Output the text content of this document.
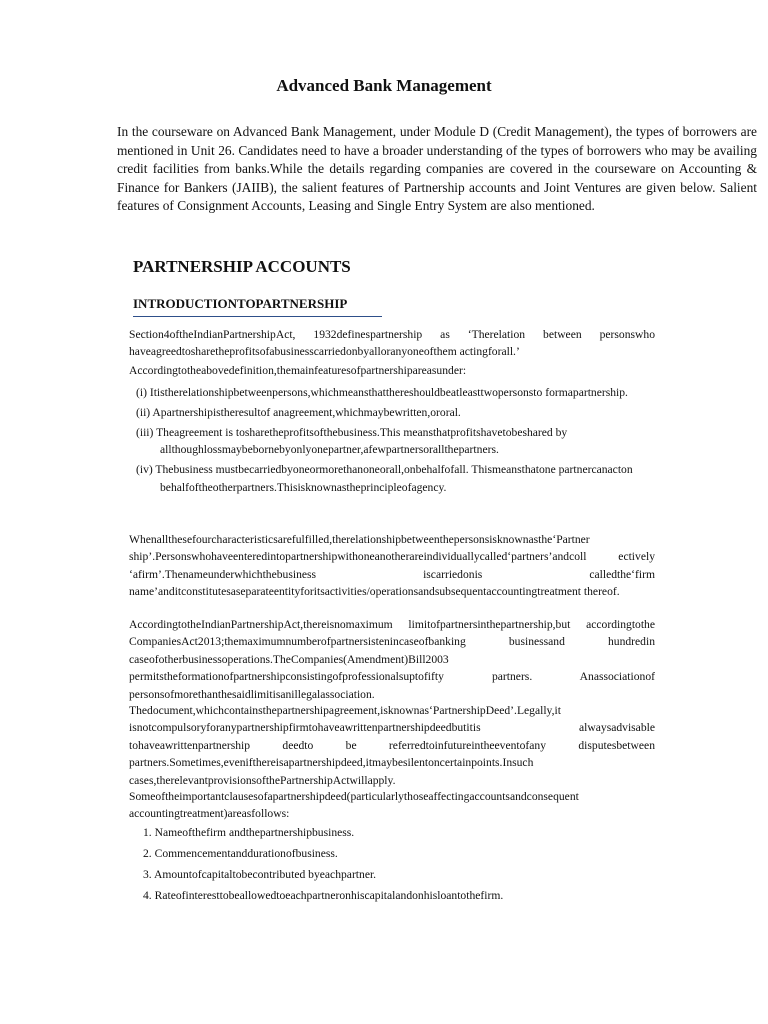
Advanced Bank Management

In the courseware on Advanced Bank Management, under Module D (Credit Management), the types of borrowers are mentioned in Unit 26. Candidates need to have a broader understanding of the types of borrowers who may be availing credit facilities from banks.While the details regarding companies are covered in the courseware on Accounting & Finance for Bankers (JAIIB), the salient features of Partnership accounts and Joint Ventures are given below. Salient features of Consignment Accounts, Leasing and Single Entry System are also mentioned.

PARTNERSHIP ACCOUNTS
INTRODUCTIONTOPARTNERSHIP

Section4oftheIndianPartnershipAct, 1932definespartnership as ‘Therelation between personswho haveagreedtosharetheprofitsofabusinesscarriedonbyalloranyoneofthem actingforall.’

Accordingtotheabovedefinition,themainfeaturesofpartnershipareasunder:

(i) Itistherelationshipbetweenpersons,whichmeansthatthereshouldbeatleasttwopersonsto formapartnership.
(ii) Apartnershipistheresultof anagreement,whichmaybewritten,ororal.
(iii) Theagreement is tosharetheprofitsofthebusiness.This meansthatprofitshavetobeshared by allthoughlossmaybebornebyonlyonepartner,afewpartnersorallthepartners.
(iv) Thebusiness mustbecarriedbyoneormorethanoneorall,onbehalfofall. Thismeansthatone partnercanacton behalfoftheotherpartners.Thisisknownastheprincipleofagency.

Whenallthesefourcharacteristicsarefulfilled,therelationshipbetweenthepersonsisknownasthe‘Partner ship’.Personswhohaveenteredintopartnershipwithoneanotherareindividuallycalled‘partners’andcoll ectively ‘afirm’.Thenameunderwhichthebusiness iscarriedonis calledthe‘firm name’anditconstitutesaseparateentityforitsactivities/operationsandsubsequentaccountingtreatment thereof.

AccordingtotheIndianPartnershipAct,thereisnomaximum limitofpartnersinthepartnership,but accordingtothe CompaniesAct2013;themaximumnumberofpartnersistenincaseofbanking businessand hundredin caseofotherbusinessoperations.TheCompanies(Amendment)Bill2003 permitstheformationofpartnershipconsistingofprofessionalsuptofifty partners. Anassociationof personsofmorethanthesaidlimitisanillegalassociation.

Thedocument,whichcontainsthepartnershipagreement,isknownas‘PartnershipDeed’.Legally,it isnotcompulsoryforanypartnershipfirmtohaveawrittenpartnershipdeedbutitis alwaysadvisable tohaveawrittenpartnership deedto be referredtoinfutureintheeventofany disputesbetween partners.Sometimes,evenifthereisapartnershipdeed,itmaybesilentoncertainpoints.Insuch cases,therelevantprovisionsofthePartnershipActwillapply.

Someoftheimportantclausesofapartnershipdeed(particularlythoseaffectingaccountsandconsequent accountingtreatment)areasfollows:

1. Nameofthefirm andthepartnershipbusiness.
2. Commencementanddurationofbusiness.
3. Amountofcapitaltobecontributed byeachpartner.
4. Rateofinteresttobeallowedtoeachpartneronhiscapitalandonhisloantothefirm.
